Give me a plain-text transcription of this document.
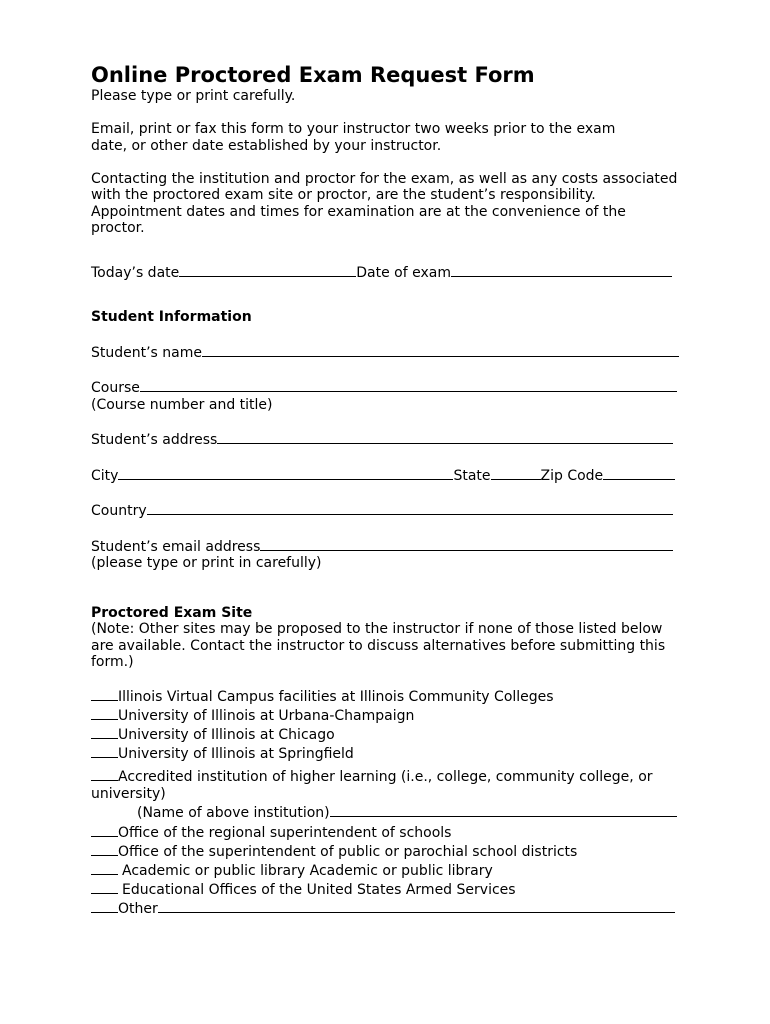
Online Proctored Exam Request Form

Please type or print carefully.

Email, print or fax this form to your instructor two weeks prior to the exam date, or other date established by your instructor.

Contacting the institution and proctor for the exam, as well as any costs associated with the proctored exam site or proctor, are the student’s responsibility. Appointment dates and times for examination are at the convenience of the proctor.

Today’s date	Date of exam

Student Information

Student’s name
Course

(Course number and title)

Student’s address
City	State	Zip Code
Country
Student’s email address

(please type or print in carefully)

Proctored Exam Site

(Note: Other sites may be proposed to the instructor if none of those listed below are available. Contact the instructor to discuss alternatives before submitting this form.)

Illinois Virtual Campus facilities at Illinois Community Colleges
University of Illinois at Urbana-Champaign
University of Illinois at Chicago
University of Illinois at Springfield
Accredited institution of higher learning (i.e., college, community college, or university)
(Name of above institution)
Office of the regional superintendent of schools
Office of the superintendent of public or parochial school districts
Academic or public library Academic or public library
Educational Offices of the United States Armed Services
Other
